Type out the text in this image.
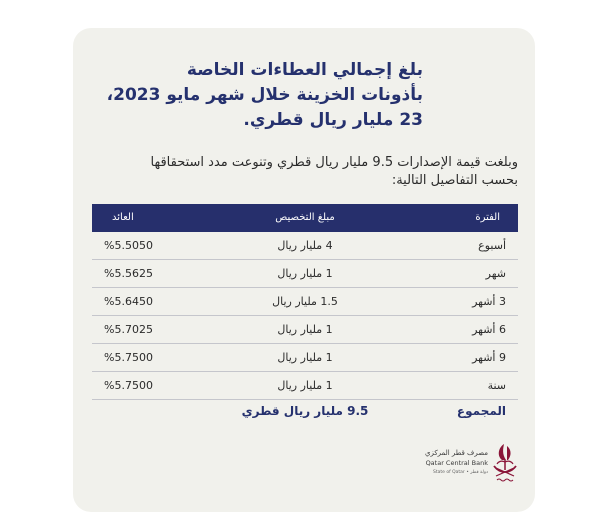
بلغ إجمالي العطاءات الخاصة
بأذونات الخزينة خلال شهر مايو 2023،
23 مليار ريال قطري.
وبلغت قيمة الإصدارات 9.5 مليار ريال قطري وتنوعت مدد استحقاقها
بحسب التفاصيل التالية:
الفترة
مبلغ التخصيص
العائد
أسبوع
4 مليار ريال
%5.5050
شهر
1 مليار ريال
%5.5625
3 أشهر
1.5 مليار ريال
%5.6450
6 أشهر
1 مليار ريال
%5.7025
9 أشهر
1 مليار ريال
%5.7500
سنة
1 مليار ريال
%5.7500
المجموع
9.5 مليار ريال قطري
مصرف قطر المركزي
Qatar Central Bank
State of Qatar • دولة قطر
